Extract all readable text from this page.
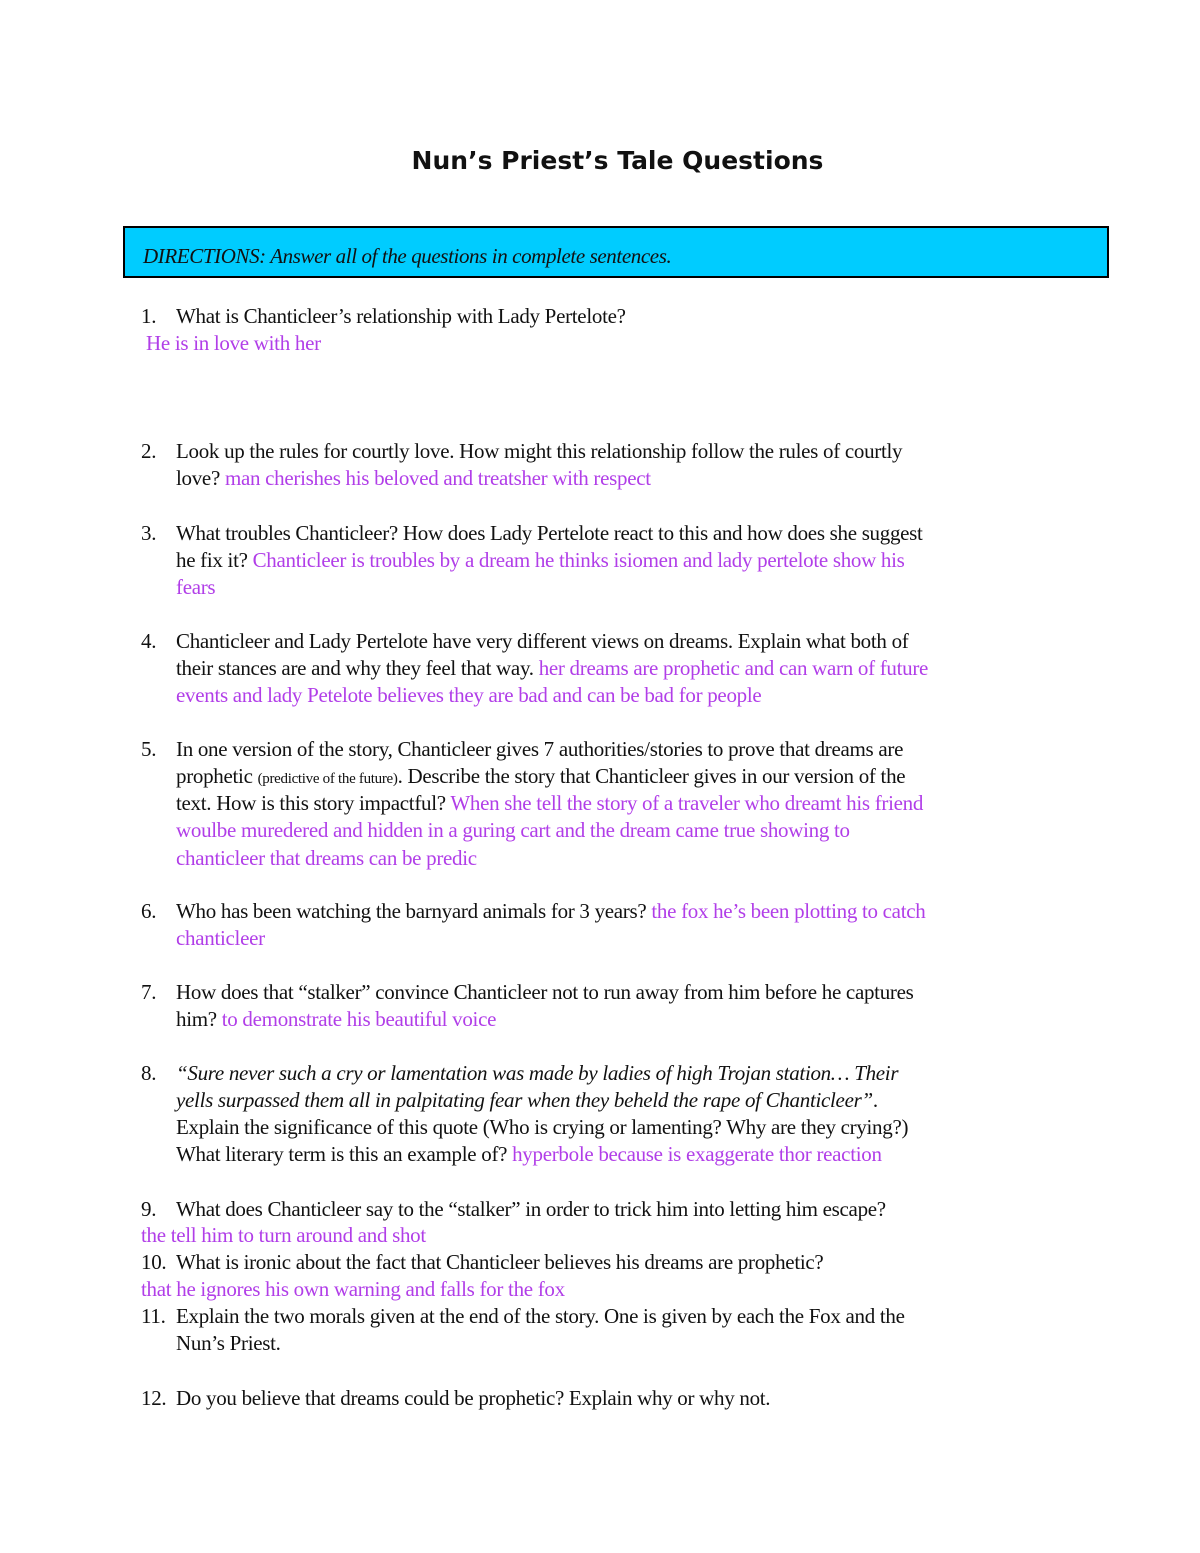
Nun’s Priest’s Tale Questions
DIRECTIONS: Answer all of the questions in complete sentences.
1. What is Chanticleer’s relationship with Lady Pertelote?
He is in love with her
2. Look up the rules for courtly love. How might this relationship follow the rules of courtly
love? man cherishes his beloved and treatsher with respect
3. What troubles Chanticleer? How does Lady Pertelote react to this and how does she suggest
he fix it? Chanticleer is troubles by a dream he thinks isiomen and lady pertelote show his
fears
4. Chanticleer and Lady Pertelote have very different views on dreams. Explain what both of
their stances are and why they feel that way. her dreams are prophetic and can warn of future
events and lady Petelote believes they are bad and can be bad for people
5. In one version of the story, Chanticleer gives 7 authorities/stories to prove that dreams are
prophetic (predictive of the future). Describe the story that Chanticleer gives in our version of the
text. How is this story impactful? When she tell the story of a traveler who dreamt his friend
woulbe muredered and hidden in a guring cart and the dream came true showing to
chanticleer that dreams can be predic
6. Who has been watching the barnyard animals for 3 years? the fox he’s been plotting to catch
chanticleer
7. How does that “stalker” convince Chanticleer not to run away from him before he captures
him? to demonstrate his beautiful voice
8. “Sure never such a cry or lamentation was made by ladies of high Trojan station… Their
yells surpassed them all in palpitating fear when they beheld the rape of Chanticleer”.
Explain the significance of this quote (Who is crying or lamenting? Why are they crying?)
What literary term is this an example of? hyperbole because is exaggerate thor reaction
9. What does Chanticleer say to the “stalker” in order to trick him into letting him escape?
the tell him to turn around and shot
10. What is ironic about the fact that Chanticleer believes his dreams are prophetic?
that he ignores his own warning and falls for the fox
11. Explain the two morals given at the end of the story. One is given by each the Fox and the
Nun’s Priest.
12. Do you believe that dreams could be prophetic? Explain why or why not.
